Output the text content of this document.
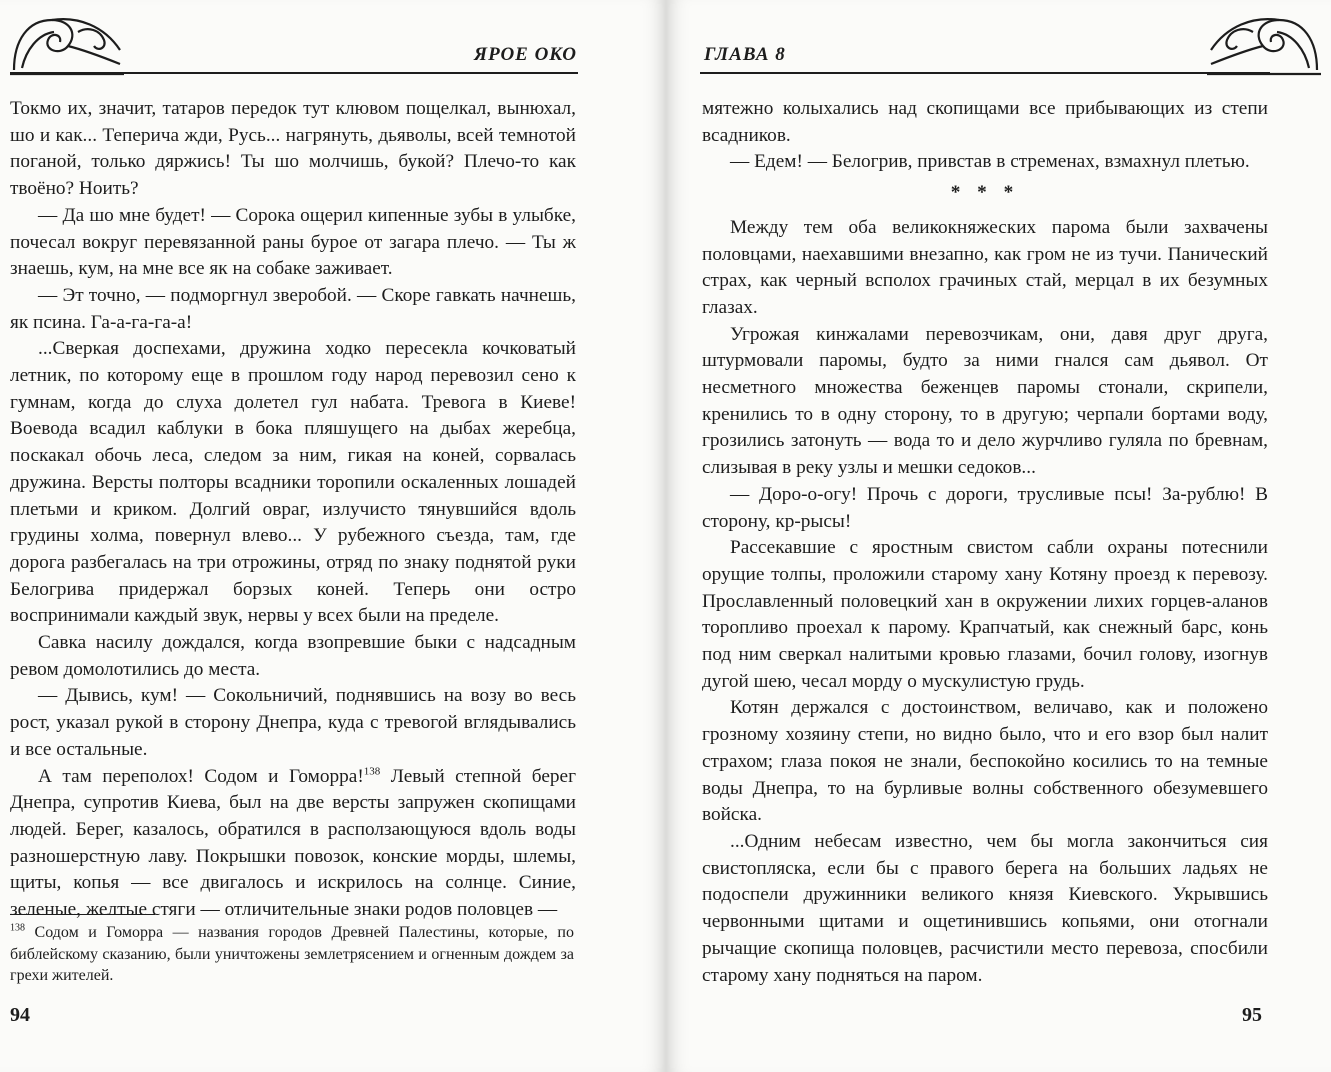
ЯРОЕ ОКО

Токмо их, значит, татаров передок тут клювом пощелкал, вынюхал, шо и как... Теперича жди, Русь... нагрянуть, дьяволы, всей темнотой поганой, только дяржись! Ты шо молчишь, букой? Плечо-то как твоёно? Ноить?

— Да шо мне будет! — Сорока ощерил кипенные зубы в улыбке, почесал вокруг перевязанной раны бурое от загара плечо. — Ты ж знаешь, кум, на мне все як на собаке заживает.

— Эт точно, — подморгнул зверобой. — Скоре гавкать начнешь, як псина. Га-а-га-га-а!

...Сверкая доспехами, дружина ходко пересекла кочковатый летник, по которому еще в прошлом году народ перевозил сено к гумнам, когда до слуха долетел гул набата. Тревога в Киеве! Воевода всадил каблуки в бока пляшущего на дыбах жеребца, поскакал обочь леса, следом за ним, гикая на коней, сорвалась дружина. Версты полторы всадники торопили оскаленных лошадей плетьми и криком. Долгий овраг, излучисто тянувшийся вдоль грудины холма, повернул влево... У рубежного съезда, там, где дорога разбегалась на три отрожины, отряд по знаку поднятой руки Белогрива придержал борзых коней. Теперь они остро воспринимали каждый звук, нервы у всех были на пределе.

Савка насилу дождался, когда взопревшие быки с надсадным ревом домолотились до места.

— Дывись, кум! — Сокольничий, поднявшись на возу во весь рост, указал рукой в сторону Днепра, куда с тревогой вглядывались и все остальные.

А там переполох! Содом и Гоморра!$^{138}$ Левый степной берег Днепра, супротив Киева, был на две версты запружен скопищами людей. Берег, казалось, обратился в расползающуюся вдоль воды разношерстную лаву. Покрышки повозок, конские морды, шлемы, щиты, копья — все двигалось и искрилось на солнце. Синие, зеленые, желтые стяги — отличительные знаки родов половцев —

$^{138}$ Содом и Гоморра — названия городов Древней Палестины, которые, по библейскому сказанию, были уничтожены землетрясением и огненным дождем за грехи жителей.
94
ГЛАВА 8

мятежно колыхались над скопищами все прибывающих из степи всадников.

— Едем! — Белогрив, привстав в стременах, взмахнул плетью.

* * *

Между тем оба великокняжеских парома были захвачены половцами, наехавшими внезапно, как гром не из тучи. Панический страх, как черный всполох грачиных стай, мерцал в их безумных глазах.

Угрожая кинжалами перевозчикам, они, давя друг друга, штурмовали паромы, будто за ними гнался сам дьявол. От несметного множества беженцев паромы стонали, скрипели, кренились то в одну сторону, то в другую; черпали бортами воду, грозились затонуть — вода то и дело журчливо гуляла по бревнам, слизывая в реку узлы и мешки седоков...

— Доро-о-огу! Прочь с дороги, трусливые псы! За-рублю! В сторону, кр-рысы!

Рассекавшие с яростным свистом сабли охраны потеснили орущие толпы, проложили старому хану Котяну проезд к перевозу. Прославленный половецкий хан в окружении лихих горцев-аланов торопливо проехал к парому. Крапчатый, как снежный барс, конь под ним сверкал налитыми кровью глазами, бочил голову, изогнув дугой шею, чесал морду о мускулистую грудь.

Котян держался с достоинством, величаво, как и положено грозному хозяину степи, но видно было, что и его взор был налит страхом; глаза покоя не знали, беспокойно косились то на темные воды Днепра, то на бурливые волны собственного обезумевшего войска.

...Одним небесам известно, чем бы могла закончиться сия свистопляска, если бы с правого берега на больших ладьях не подоспели дружинники великого князя Киевского. Укрывшись червонными щитами и ощетинившись копьями, они отогнали рычащие скопища половцев, расчистили место перевоза, спосбили старому хану подняться на паром.

95
